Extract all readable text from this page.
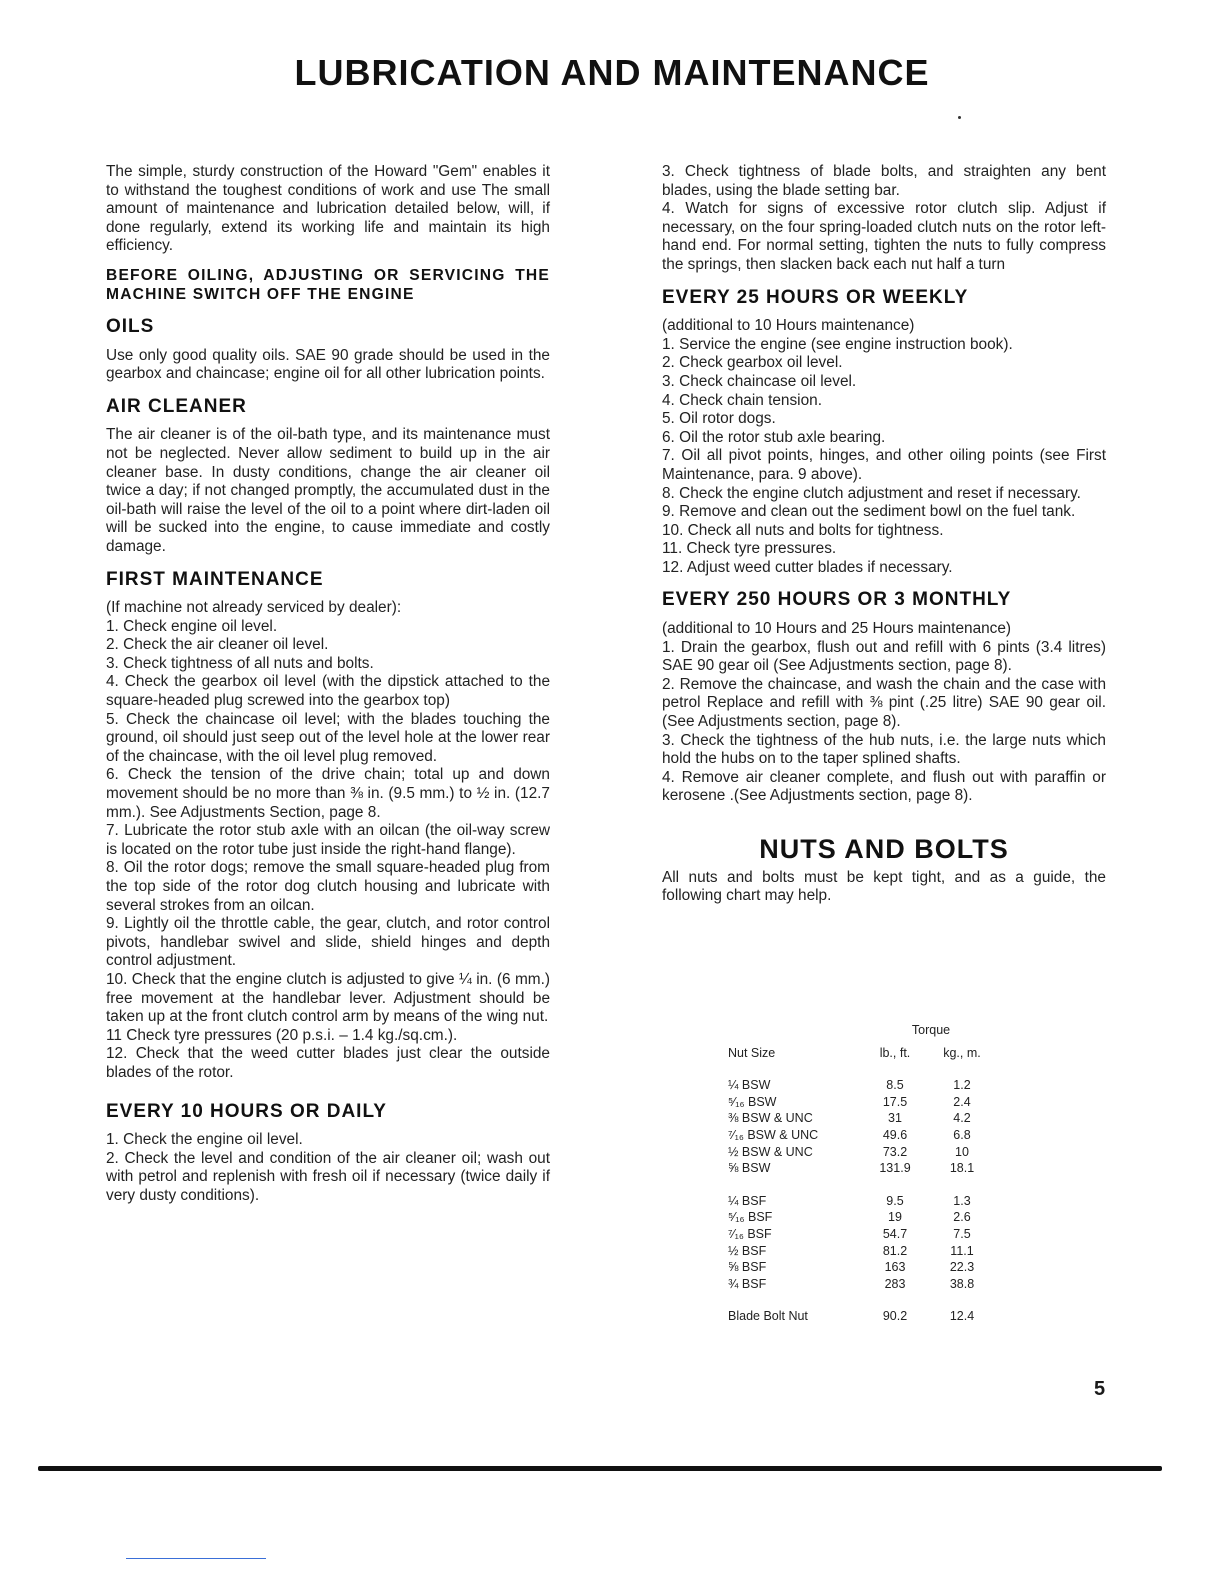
LUBRICATION AND MAINTENANCE

The simple, sturdy construction of the Howard "Gem" enables it to withstand the toughest conditions of work and use The small amount of maintenance and lubrication detailed below, will, if done regularly, extend its working life and maintain its high efficiency.

BEFORE OILING, ADJUSTING OR SERVICING THE MACHINE SWITCH OFF THE ENGINE

OILS

Use only good quality oils. SAE 90 grade should be used in the gearbox and chaincase; engine oil for all other lubrication points.

AIR CLEANER

The air cleaner is of the oil-bath type, and its maintenance must not be neglected. Never allow sediment to build up in the air cleaner base. In dusty conditions, change the air cleaner oil twice a day; if not changed promptly, the accumulated dust in the oil-bath will raise the level of the oil to a point where dirt-laden oil will be sucked into the engine, to cause immediate and costly damage.

FIRST MAINTENANCE

(If machine not already serviced by dealer):

1. Check engine oil level.
2. Check the air cleaner oil level.
3. Check tightness of all nuts and bolts.
4. Check the gearbox oil level (with the dipstick attached to the square-headed plug screwed into the gearbox top)
5. Check the chaincase oil level; with the blades touching the ground, oil should just seep out of the level hole at the lower rear of the chaincase, with the oil level plug removed.
6. Check the tension of the drive chain; total up and down movement should be no more than ⅜ in. (9.5 mm.) to ½ in. (12.7 mm.). See Adjustments Section, page 8.
7. Lubricate the rotor stub axle with an oilcan (the oil-way screw is located on the rotor tube just inside the right-hand flange).
8. Oil the rotor dogs; remove the small square-headed plug from the top side of the rotor dog clutch housing and lubricate with several strokes from an oilcan.
9. Lightly oil the throttle cable, the gear, clutch, and rotor control pivots, handlebar swivel and slide, shield hinges and depth control adjustment.
10. Check that the engine clutch is adjusted to give ¼ in. (6 mm.) free movement at the handlebar lever. Adjustment should be taken up at the front clutch control arm by means of the wing nut.
11 Check tyre pressures (20 p.s.i. – 1.4 kg./sq.cm.).
12. Check that the weed cutter blades just clear the outside blades of the rotor.
EVERY 10 HOURS OR DAILY
1. Check the engine oil level.
2. Check the level and condition of the air cleaner oil; wash out with petrol and replenish with fresh oil if necessary (twice daily if very dusty conditions).
3. Check tightness of blade bolts, and straighten any bent blades, using the blade setting bar.
4. Watch for signs of excessive rotor clutch slip. Adjust if necessary, on the four spring-loaded clutch nuts on the rotor left-hand end. For normal setting, tighten the nuts to fully compress the springs, then slacken back each nut half a turn
EVERY 25 HOURS OR WEEKLY

(additional to 10 Hours maintenance)

1. Service the engine (see engine instruction book).
2. Check gearbox oil level.
3. Check chaincase oil level.
4. Check chain tension.
5. Oil rotor dogs.
6. Oil the rotor stub axle bearing.
7. Oil all pivot points, hinges, and other oiling points (see First Maintenance, para. 9 above).
8. Check the engine clutch adjustment and reset if necessary.
9. Remove and clean out the sediment bowl on the fuel tank.
10. Check all nuts and bolts for tightness.
11. Check tyre pressures.
12. Adjust weed cutter blades if necessary.
EVERY 250 HOURS OR 3 MONTHLY

(additional to 10 Hours and 25 Hours maintenance)

1. Drain the gearbox, flush out and refill with 6 pints (3.4 litres) SAE 90 gear oil (See Adjustments section, page 8).
2. Remove the chaincase, and wash the chain and the case with petrol Replace and refill with ⅜ pint (.25 litre) SAE 90 gear oil. (See Adjustments section, page 8).
3. Check the tightness of the hub nuts, i.e. the large nuts which hold the hubs on to the taper splined shafts.
4. Remove air cleaner complete, and flush out with paraffin or kerosene .(See Adjustments section, page 8).
NUTS AND BOLTS

All nuts and bolts must be kept tight, and as a guide, the following chart may help.

Torque
Nut Size	lb., ft.	kg., m.
¼ BSW	8.5	1.2
⁵⁄₁₆ BSW	17.5	2.4
⅜ BSW & UNC	31	4.2
⁷⁄₁₆ BSW & UNC	49.6	6.8
½ BSW & UNC	73.2	10
⅝ BSW	131.9	18.1
¼ BSF	9.5	1.3
⁵⁄₁₆ BSF	19	2.6
⁷⁄₁₆ BSF	54.7	7.5
½ BSF	81.2	11.1
⅝ BSF	163	22.3
¾ BSF	283	38.8
Blade Bolt Nut	90.2	12.4

5
